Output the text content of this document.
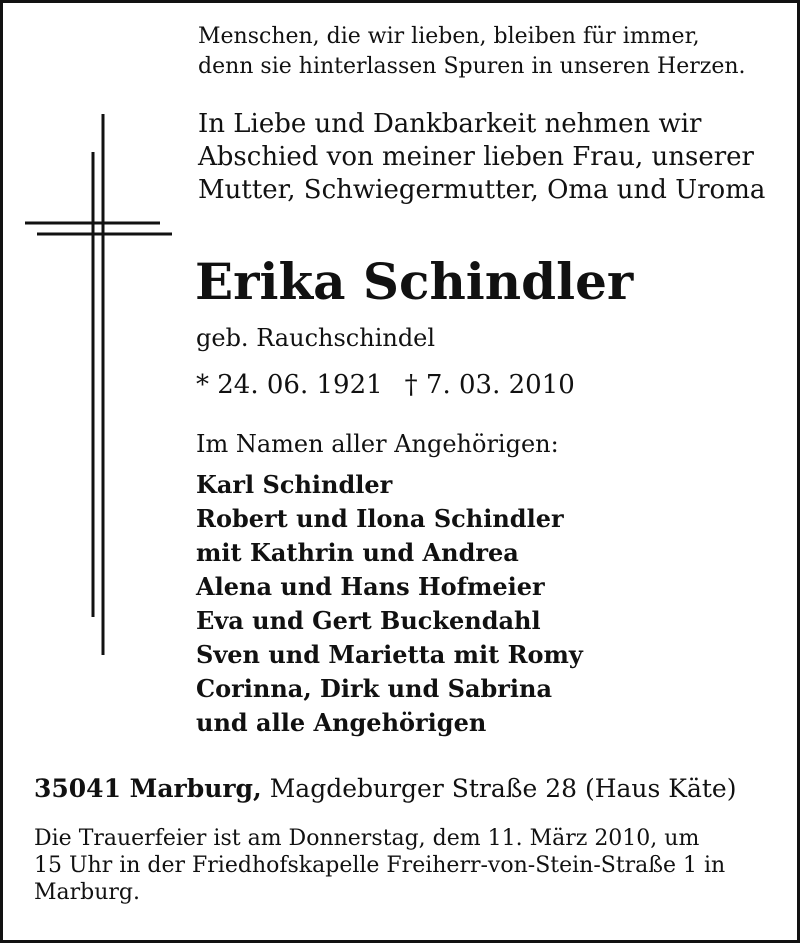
Menschen, die wir lieben, bleiben für immer,
denn sie hinterlassen Spuren in unseren Herzen.
In Liebe und Dankbarkeit nehmen wir
Abschied von meiner lieben Frau, unserer
Mutter, Schwiegermutter, Oma und Uroma
Erika Schindler
geb. Rauchschindel
* 24. 06. 1921 † 7. 03. 2010
Im Namen aller Angehörigen:
Karl Schindler
Robert und Ilona Schindler
mit Kathrin und Andrea
Alena und Hans Hofmeier
Eva und Gert Buckendahl
Sven und Marietta mit Romy
Corinna, Dirk und Sabrina
und alle Angehörigen
35041 Marburg, Magdeburger Straße 28 (Haus Käte)
Die Trauerfeier ist am Donnerstag, dem 11. März 2010, um
15 Uhr in der Friedhofskapelle Freiherr-von-Stein-Straße 1 in
Marburg.
